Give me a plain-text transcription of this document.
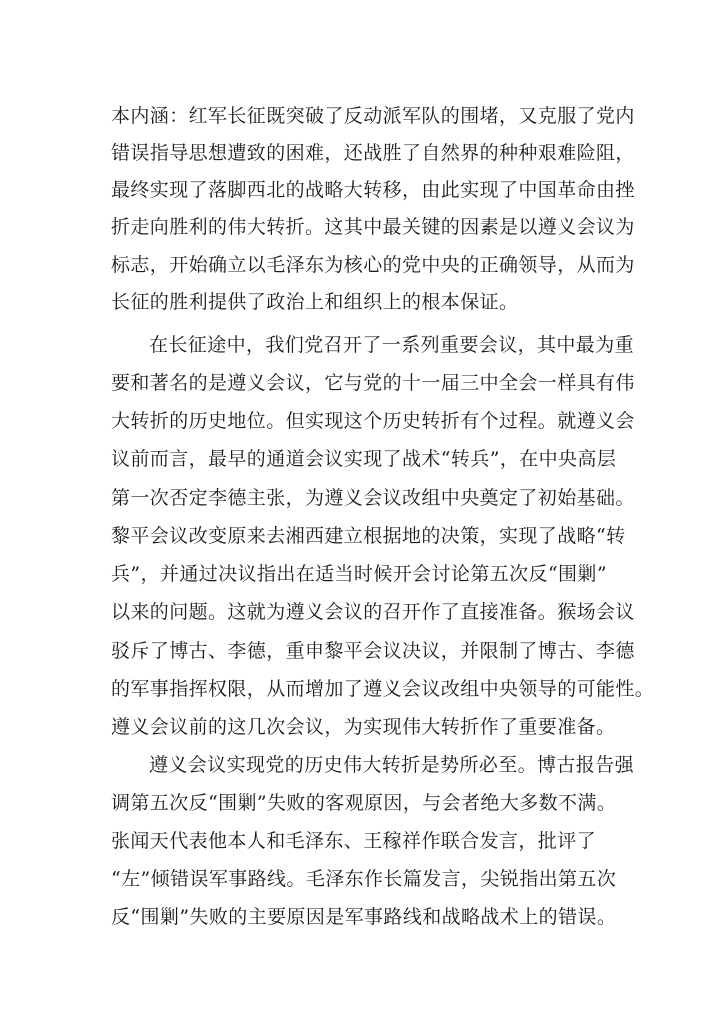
本内涵：红军长征既突破了反动派军队的围堵，又克服了党内
错误指导思想遭致的困难，还战胜了自然界的种种艰难险阻，
最终实现了落脚西北的战略大转移，由此实现了中国革命由挫
折走向胜利的伟大转折。这其中最关键的因素是以遵义会议为
标志，开始确立以毛泽东为核心的党中央的正确领导，从而为
长征的胜利提供了政治上和组织上的根本保证。
在长征途中，我们党召开了一系列重要会议，其中最为重
要和著名的是遵义会议，它与党的十一届三中全会一样具有伟
大转折的历史地位。但实现这个历史转折有个过程。就遵义会
议前而言，最早的通道会议实现了战术“转兵”，在中央高层
第一次否定李德主张，为遵义会议改组中央奠定了初始基础。
黎平会议改变原来去湘西建立根据地的决策，实现了战略“转
兵”，并通过决议指出在适当时候开会讨论第五次反“围剿”
以来的问题。这就为遵义会议的召开作了直接准备。猴场会议
驳斥了博古、李德，重申黎平会议决议，并限制了博古、李德
的军事指挥权限，从而增加了遵义会议改组中央领导的可能性。
遵义会议前的这几次会议，为实现伟大转折作了重要准备。
遵义会议实现党的历史伟大转折是势所必至。博古报告强
调第五次反“围剿”失败的客观原因，与会者绝大多数不满。
张闻天代表他本人和毛泽东、王稼祥作联合发言，批评了
“左”倾错误军事路线。毛泽东作长篇发言，尖锐指出第五次
反“围剿”失败的主要原因是军事路线和战略战术上的错误。
